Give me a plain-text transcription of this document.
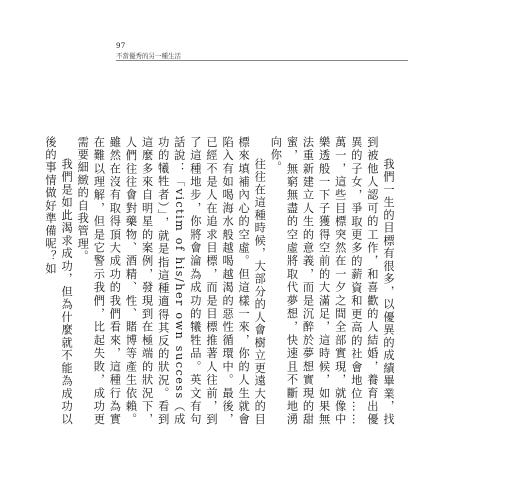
97
不當優秀的另一種生活

我們一生的目標有很多，以優異的成績畢業，找到被他人認可的工作，和喜歡的人結婚，養育出優異的子女，爭取更多的薪資和更高的社會地位……萬一，這些目標突然在一夕之間全部實現，就像中樂透般一下子獲得空前的大滿足，這時候，如果無法重新建立人生的意義，而是沉醉於夢想實現的甜蜜，無窮無盡的空虛將取代夢想，快速且不斷地湧向你。

往往在這種時候，大部分的人會樹立更遠大的目標來填補內心的空虛。但這樣一來，你的人生就會陷入有如喝海水般越喝越渴的惡性循環中。最後，已經不是人在追求目標，而是目標推著人往前，到了這種地步，你將會淪為成功的犧牲品。英文有句話說：「victim of his/her own success（成功的犧牲者）」，就是指這種適得其反的狀況。看到這麼多來自明星的案例，發現到在極端的狀況下，人們往往會對藥物、酒精、性、賭博等產生依賴。雖然在沒有取得頂大成功的我們看來，這種行為實在難以理解，但是它警示我們，比起失敗，成功更需要細緻的自我管理。

我們是如此渴求成功，但為什麼就不能為成功以後的事情做好準備呢？如
